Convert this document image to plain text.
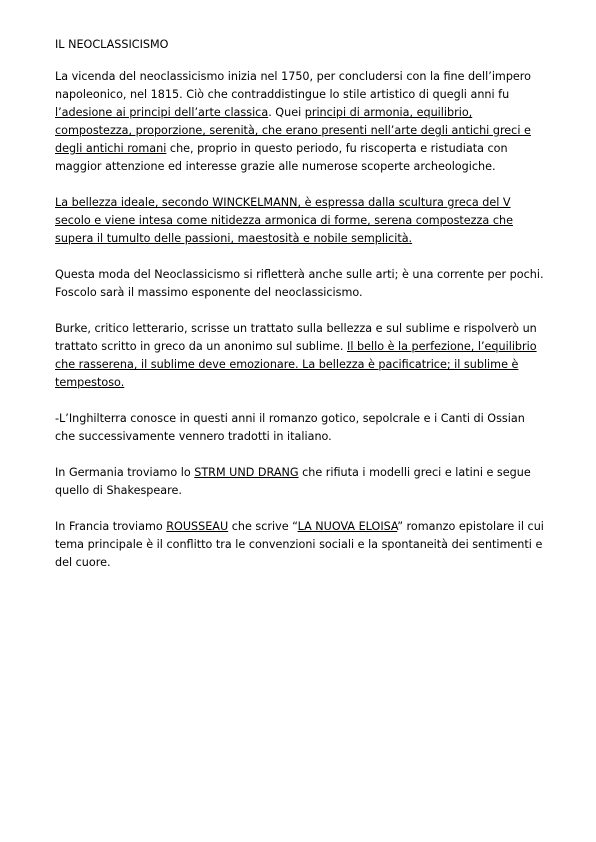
IL NEOCLASSICISMO

La vicenda del neoclassicismo inizia nel 1750, per concludersi con la fine dell’impero napoleonico, nel 1815. Ciò che contraddistingue lo stile artistico di quegli anni fu l’adesione ai principi dell’arte classica. Quei principi di armonia, equilibrio, compostezza, proporzione, serenità, che erano presenti nell’arte degli antichi greci e degli antichi romani che, proprio in questo periodo, fu riscoperta e ristudiata con maggior attenzione ed interesse grazie alle numerose scoperte archeologiche.

La bellezza ideale, secondo WINCKELMANN, è espressa dalla scultura greca del V secolo e viene intesa come nitidezza armonica di forme, serena compostezza che supera il tumulto delle passioni, maestosità e nobile semplicità.

Questa moda del Neoclassicismo si rifletterà anche sulle arti; è una corrente per pochi. Foscolo sarà il massimo esponente del neoclassicismo.

Burke, critico letterario, scrisse un trattato sulla bellezza e sul sublime e rispolverò un trattato scritto in greco da un anonimo sul sublime. Il bello è la perfezione, l’equilibrio che rasserena, il sublime deve emozionare. La bellezza è pacificatrice; il sublime è tempestoso.

-L’Inghilterra conosce in questi anni il romanzo gotico, sepolcrale e i Canti di Ossian che successivamente vennero tradotti in italiano.

In Germania troviamo lo STRM UND DRANG che rifiuta i modelli greci e latini e segue quello di Shakespeare.

In Francia troviamo ROUSSEAU che scrive “LA NUOVA ELOISA” romanzo epistolare il cui tema principale è il conflitto tra le convenzioni sociali e la spontaneità dei sentimenti e del cuore.
